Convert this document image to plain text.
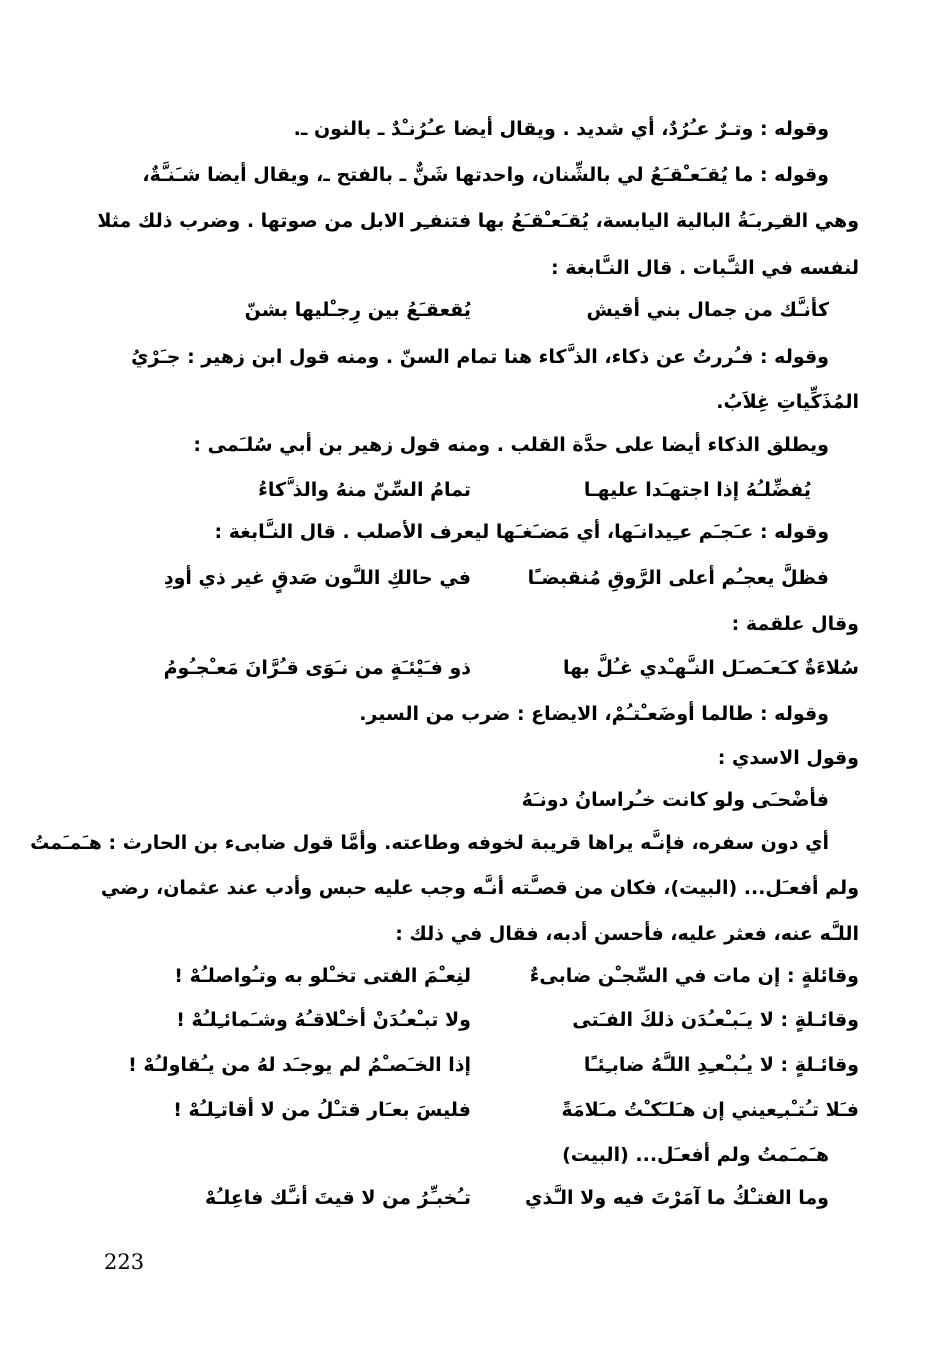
وقوله : وتـرٌ عـُرُدٌ، أي شديد . ويقال أيضا عـُرُنـْدٌ ـ بالنون ـ.
وقوله : ما يُقـَعـْقـَعُ لي بالشِّنان، واحدتها شَنٌّ ـ بالفتح ـ، ويقال أيضا شـَنـَّةٌ،
وهي القـِربـَةُ البالية اليابسة، يُقـَعـْقـَعُ بها فتنفـِر الابل من صوتها . وضرب ذلك مثلا
لنفسه في الثـَّبات . قال النـَّابغة :
كأنـَّك من جمال بني أقيش
يُقعقـَعُ بين رِجـْليها بشنّ
وقوله : فـُررتُ عن ذكاء، الذ َّكاء هنا تمام السنّ . ومنه قول ابن زهير : جـَرْيُ
المُذَكِّياتِ غِلاَبُ.
ويطلق الذكاء أيضا على حدَّة القلب . ومنه قول زهير بن أبي سُلـَمى :
يُفضِّلـُهُ إذا اجتهـَدا عليهـا
تمامُ السِّنّ منهُ والذ َّكاءُ
وقوله : عـَجـَم عـِيدانـَها، أي مَضـَغـَها ليعرف الأصلب . قال النـَّابغة :
فظلَّ يعجـُم أعلى الرَّوقِ مُنقبضـًا
في حالكِ اللـَّون صَدقٍ غير ذي أودِ
وقال علقمة :
سُلاءَةٌ كـَعـَصـَل النـَّهـْدي غـُلَّ بها
ذو فـَيْئـَةٍ من نـَوَى قـُرَّانَ مَعـْجـُومُ
وقوله : طالما أوضَعـْتـُمْ، الايضاع : ضرب من السير.
وقول الاسدي :
فأضْحـَى ولو كانت خـُراسانُ دونـَهُ
أي دون سفره، فإنـَّه يراها قريبة لخوفه وطاعته. وأمَّا قول ضابىء بن الحارث : هـَمـَمتُ
ولم أفعـَل... (البيت)، فكان من قصـَّته أنـَّه وجب عليه حبس وأدب عند عثمان، رضي
اللـَّه عنه، فعثر عليه، فأحسن أدبه، فقال في ذلك :
وقائلةٍ : إن مات في السِّجـْن ضابىءٌ
لنِعـْمَ الفتى تخـْلو به وتـُواصلـُهْ !
وقائـلةٍ : لا يـَبـْعـُدَن ذلكَ الفـَتى
ولا تبـْعـُدَنْ أخـْلاقـُهُ وشـَمائـِلـُهْ !
وقائـلةٍ : لا يـُبـْعـِدِ اللـَّهُ ضابـِئـًا
إذا الخـَصـْمُ لم يوجـَد لهُ من يـُقاولـُهْ !
فـَلا تـُتـْبـِعيني إن هـَلـَكـْتُ مـَلامَةً
فليسَ بعـَار قتـْلُ من لا أقاتـِلـُهْ !
هـَمـَمتُ ولم أفعـَل... (البيت)
وما الفتـْكُ ما آمَرْتَ فيه ولا الـَّذي
تـُخبـِّرُ من لا قيتَ أنـَّك فاعِلـُهْ
223
